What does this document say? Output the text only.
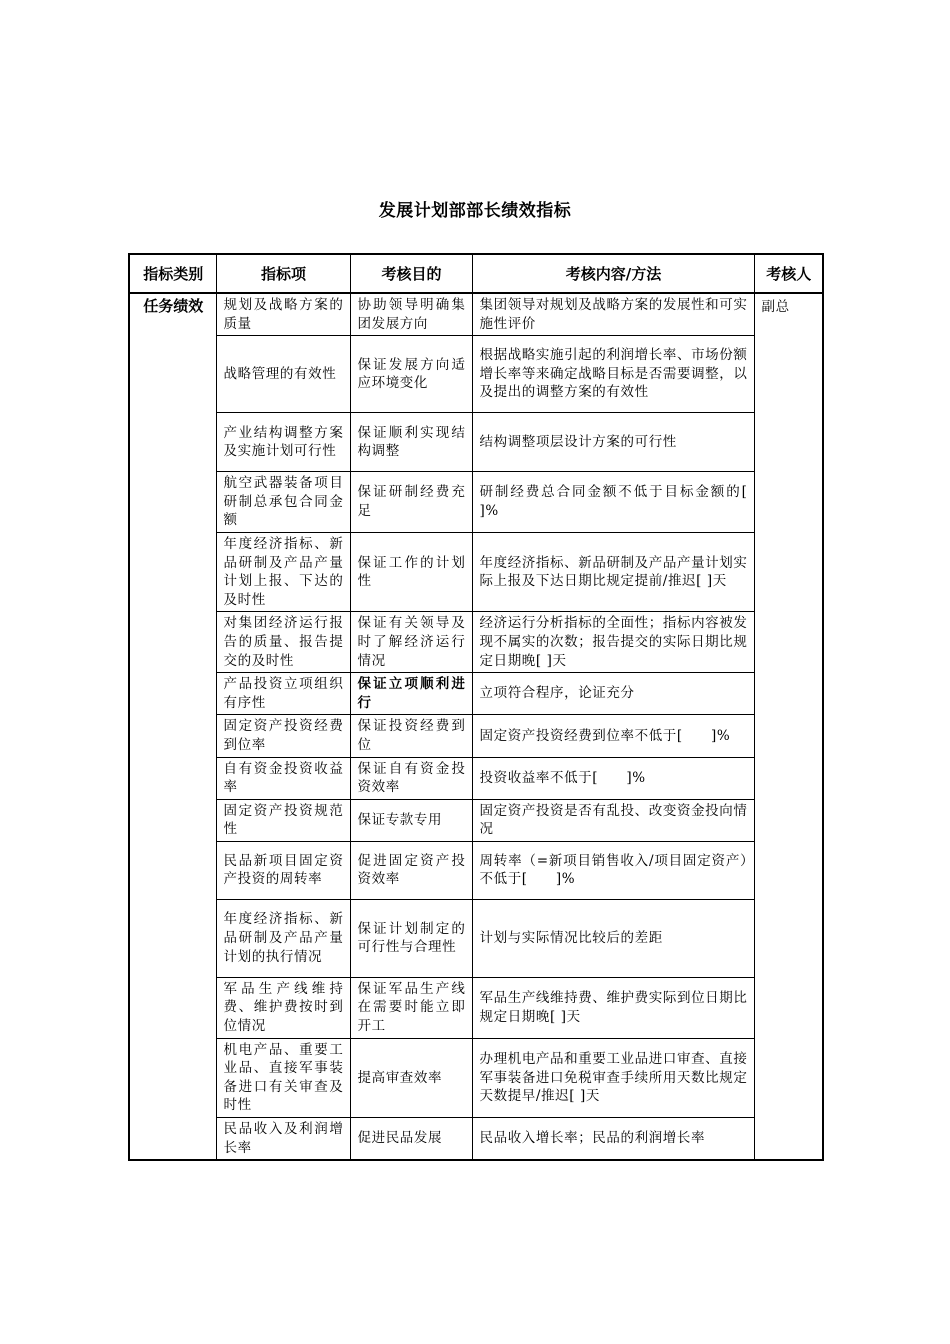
发展计划部部长绩效指标
指标类别	指标项	考核目的	考核内容/方法	考核人
任务绩效	规划及战略方案的质量	协助领导明确集团发展方向	集团领导对规划及战略方案的发展性和可实施性评价	副总
	战略管理的有效性	保证发展方向适应环境变化	根据战略实施引起的利润增长率、市场份额增长率等来确定战略目标是否需要调整，以及提出的调整方案的有效性	
	产业结构调整方案及实施计划可行性	保证顺利实现结构调整	结构调整项层设计方案的可行性	
	航空武器装备项目研制总承包合同金额	保证研制经费充足	研制经费总合同金额不低于目标金额的[　　]%	
	年度经济指标、新品研制及产品产量计划上报、下达的及时性	保证工作的计划性	年度经济指标、新品研制及产品产量计划实际上报及下达日期比规定提前/推迟[ ]天	
	对集团经济运行报告的质量、报告提交的及时性	保证有关领导及时了解经济运行情况	经济运行分析指标的全面性；指标内容被发现不属实的次数；报告提交的实际日期比规定日期晚[ ]天	
	产品投资立项组织有序性	保证立项顺利进行	立项符合程序，论证充分	
	固定资产投资经费到位率	保证投资经费到位	固定资产投资经费到位率不低于[　　]%	
	自有资金投资收益率	保证自有资金投资效率	投资收益率不低于[　　]%	
	固定资产投资规范性	保证专款专用	固定资产投资是否有乱投、改变资金投向情况	
	民品新项目固定资产投资的周转率	促进固定资产投资效率	周转率（=新项目销售收入/项目固定资产）不低于[　　]%	
	年度经济指标、新品研制及产品产量计划的执行情况	保证计划制定的可行性与合理性	计划与实际情况比较后的差距	
	军品生产线维持费、维护费按时到位情况	保证军品生产线在需要时能立即开工	军品生产线维持费、维护费实际到位日期比规定日期晚[ ]天	
	机电产品、重要工业品、直接军事装备进口有关审查及时性	提高审查效率	办理机电产品和重要工业品进口审查、直接军事装备进口免税审查手续所用天数比规定天数提早/推迟[ ]天	
	民品收入及利润增长率	促进民品发展	民品收入增长率；民品的利润增长率	
